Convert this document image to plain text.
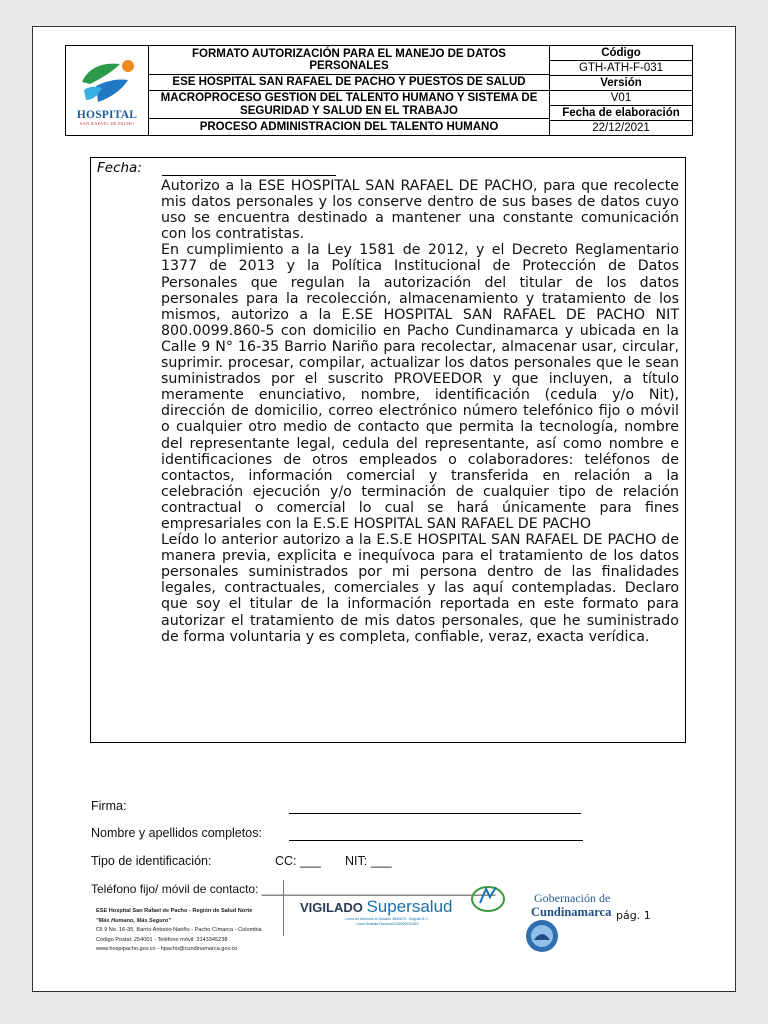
HOSPITAL
SAN RAFAEL DE PACHO
FORMATO AUTORIZACIÓN PARA EL MANEJO DE DATOS PERSONALES
ESE HOSPITAL SAN RAFAEL DE PACHO Y PUESTOS DE SALUD
MACROPROCESO GESTION DEL TALENTO HUMANO Y SISTEMA DE SEGURIDAD Y SALUD EN EL TRABAJO
PROCESO ADMINISTRACION DEL TALENTO HUMANO
Código
GTH-ATH-F-031
Versión
V01
Fecha de elaboración
22/12/2021
Fecha:

Autorizo a la ESE HOSPITAL SAN RAFAEL DE PACHO, para que recolecte mis datos personales y los conserve dentro de sus bases de datos cuyo uso se encuentra destinado a mantener una constante comunicación con los contratistas.

En cumplimiento a la Ley 1581 de 2012, y el Decreto Reglamentario 1377 de 2013 y la Política Institucional de Protección de Datos Personales que regulan la autorización del titular de los datos personales para la recolección, almacenamiento y tratamiento de los mismos, autorizo a la E.SE HOSPITAL SAN RAFAEL DE PACHO NIT 800.0099.860-5 con domicilio en Pacho Cundinamarca y ubicada en la Calle 9 N° 16-35 Barrio Nariño para recolectar, almacenar usar, circular, suprimir. procesar, compilar, actualizar los datos personales que le sean suministrados por el suscrito PROVEEDOR y que incluyen, a título meramente enunciativo, nombre, identificación (cedula y/o Nit), dirección de domicilio, correo electrónico número telefónico fijo o móvil o cualquier otro medio de contacto que permita la tecnología, nombre del representante legal, cedula del representante, así como nombre e identificaciones de otros empleados o colaboradores: teléfonos de contactos, información comercial y transferida en relación a la celebración ejecución y/o terminación de cualquier tipo de relación contractual o comercial lo cual se hará únicamente para fines empresariales con la E.S.E HOSPITAL SAN RAFAEL DE PACHO

Leído lo anterior autorizo a la E.S.E HOSPITAL SAN RAFAEL DE PACHO de manera previa, explicita e inequívoca para el tratamiento de los datos personales suministrados por mi persona dentro de las finalidades legales, contractuales, comerciales y las aquí contempladas. Declaro que soy el titular de la información reportada en este formato para autorizar el tratamiento de mis datos personales, que he suministrado de forma voluntaria y es completa, confiable, veraz, exacta verídica.

Firma:
Nombre y apellidos completos:
Tipo de identificación:	CC: ___ NIT: ___
Teléfono fijo/ móvil de contacto: ___________________________________
ESE Hospital San Rafael de Pacho - Región de Salud Norte
"Más Humano, Más Seguro"
Cll 9 No. 16-35, Barrio Antonio Nariño - Pacho C/marca - Colombia
Código Postal: 254001 - Teléfono móvil: 3143345238
www.hospipacho.gov.co - hpacho@cundinamarca.gov.co
VIGILADO Supersalud
Línea de Atención al Usuario 4830670 - Bogotá D.C.
Línea Gratuita Nacional 018000910383
Gobernación de
Cundinamarca pág. 1
